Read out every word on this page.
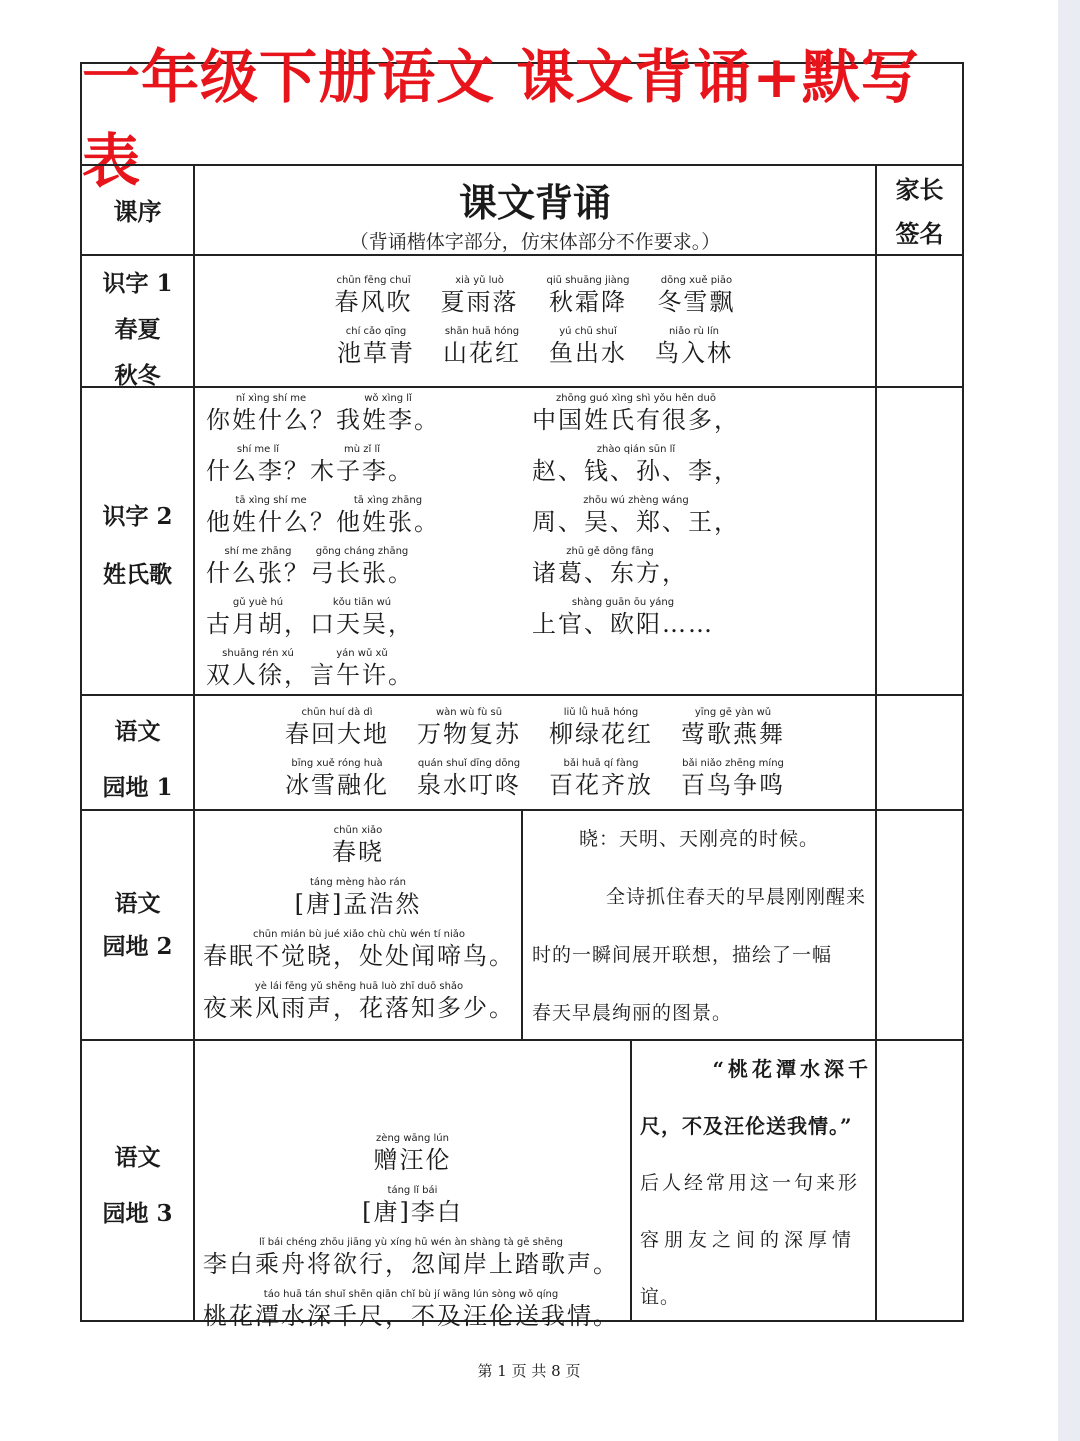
一年级下册语文 课文背诵+默写表
课序	课文背诵
（背诵楷体字部分，仿宋体部分不作要求。）
家长
签名
识字 1
春夏
秋冬
chūn fēng chuī
春风吹
xià yǔ luò
夏雨落
qiū shuāng jiàng
秋霜降
dōng xuě piāo
冬雪飘
chí cǎo qīng
池草青
shān huā hóng
山花红
yú chū shuǐ
鱼出水
niǎo rù lín
鸟入林
识字 2
姓氏歌
nǐ xìng shí me
你姓什么？
wǒ xìng lǐ
我姓李。
shí me lǐ
什么李？
mù zǐ lǐ
木子李。
tā xìng shí me
他姓什么？
tā xìng zhāng
他姓张。
shí me zhāng
什么张？
gōng cháng zhāng
弓长张。
gǔ yuè hú
古月胡，
kǒu tiān wú
口天吴，
shuāng rén xú
双人徐，
yán wǔ xǔ
言午许。
zhōng guó xìng shì yǒu hěn duō
中国姓氏有很多，
zhào qián sūn lǐ
赵、钱、孙、李，
zhōu wú zhèng wáng
周、吴、郑、王，
zhū gě dōng fāng
诸葛、东方，
shàng guān ōu yáng
上官、欧阳……
语文
园地 1
chūn huí dà dì
春回大地
wàn wù fù sū
万物复苏
liǔ lǜ huā hóng
柳绿花红
yīng gē yàn wǔ
莺歌燕舞
bīng xuě róng huà
冰雪融化
quán shuǐ dīng dōng
泉水叮咚
bǎi huā qí fàng
百花齐放
bǎi niǎo zhēng míng
百鸟争鸣
语文
园地 2
chūn xiǎo
春晓
táng mèng hào rán
[唐]孟浩然
chūn mián bù jué xiǎo chù chù wén tí niǎo
春眠不觉晓，处处闻啼鸟。
yè lái fēng yǔ shēng huā luò zhī duō shǎo
夜来风雨声，花落知多少。
晓：天明、天刚亮的时候。
全诗抓住春天的早晨刚刚醒来
时的一瞬间展开联想，描绘了一幅
春天早晨绚丽的图景。
语文
园地 3
zèng wāng lún
赠汪伦
táng lǐ bái
[唐]李白
lǐ bái chéng zhōu jiāng yù xíng hū wén àn shàng tà gē shēng
李白乘舟将欲行，忽闻岸上踏歌声。
táo huā tán shuǐ shēn qiān chǐ bù jí wāng lún sòng wǒ qíng
桃花潭水深千尺，不及汪伦送我情。
“桃花潭水深千
尺，不及汪伦送我情。”
后人经常用这一句来形
容朋友之间的深厚情
谊。
第 1 页 共 8 页
